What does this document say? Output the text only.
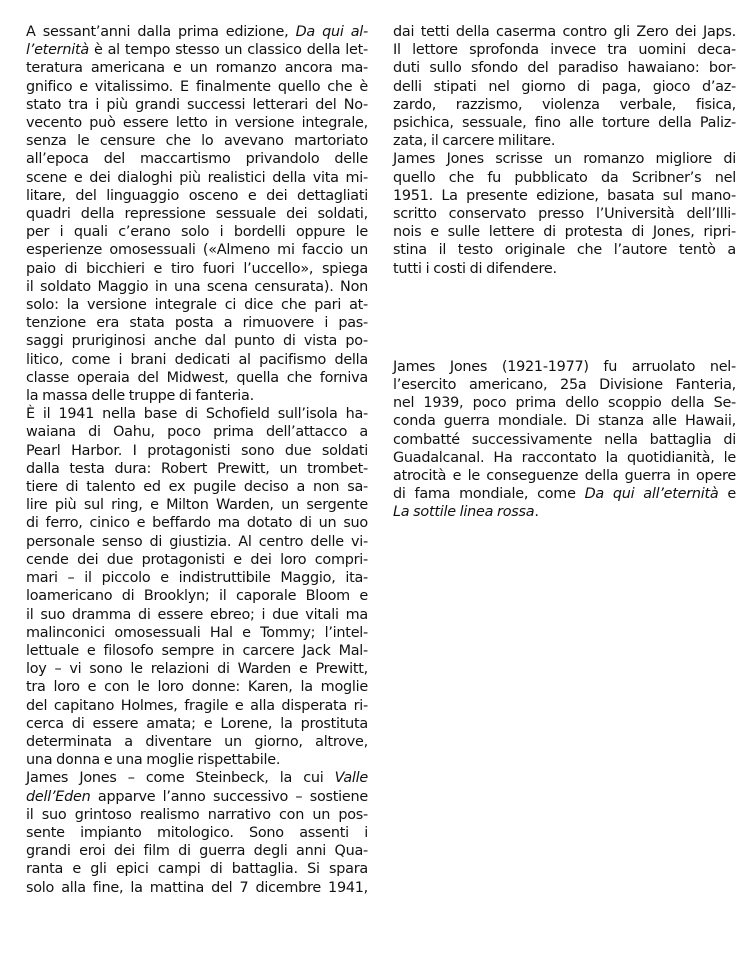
A sessant’anni dalla prima edizione, Da qui al-
l’eternità è al tempo stesso un classico della let-
teratura americana e un romanzo ancora ma-
gnifico e vitalissimo. E finalmente quello che è
stato tra i più grandi successi letterari del No-
vecento può essere letto in versione integrale,
senza le censure che lo avevano martoriato
all’epoca del maccartismo privandolo delle
scene e dei dialoghi più realistici della vita mi-
litare, del linguaggio osceno e dei dettagliati
quadri della repressione sessuale dei soldati,
per i quali c’erano solo i bordelli oppure le
esperienze omosessuali («Almeno mi faccio un
paio di bicchieri e tiro fuori l’uccello», spiega
il soldato Maggio in una scena censurata). Non
solo: la versione integrale ci dice che pari at-
tenzione era stata posta a rimuovere i pas-
saggi pruriginosi anche dal punto di vista po-
litico, come i brani dedicati al pacifismo della
classe operaia del Midwest, quella che forniva
la massa delle truppe di fanteria.
È il 1941 nella base di Schofield sull’isola ha-
waiana di Oahu, poco prima dell’attacco a
Pearl Harbor. I protagonisti sono due soldati
dalla testa dura: Robert Prewitt, un trombet-
tiere di talento ed ex pugile deciso a non sa-
lire più sul ring, e Milton Warden, un sergente
di ferro, cinico e beffardo ma dotato di un suo
personale senso di giustizia. Al centro delle vi-
cende dei due protagonisti e dei loro compri-
mari – il piccolo e indistruttibile Maggio, ita-
loamericano di Brooklyn; il caporale Bloom e
il suo dramma di essere ebreo; i due vitali ma
malinconici omosessuali Hal e Tommy; l’intel-
lettuale e filosofo sempre in carcere Jack Mal-
loy – vi sono le relazioni di Warden e Prewitt,
tra loro e con le loro donne: Karen, la moglie
del capitano Holmes, fragile e alla disperata ri-
cerca di essere amata; e Lorene, la prostituta
determinata a diventare un giorno, altrove,
una donna e una moglie rispettabile.
James Jones – come Steinbeck, la cui Valle
dell’Eden apparve l’anno successivo – sostiene
il suo grintoso realismo narrativo con un pos-
sente impianto mitologico. Sono assenti i
grandi eroi dei film di guerra degli anni Qua-
ranta e gli epici campi di battaglia. Si spara
solo alla fine, la mattina del 7 dicembre 1941,
dai tetti della caserma contro gli Zero dei Japs.
Il lettore sprofonda invece tra uomini deca-
duti sullo sfondo del paradiso hawaiano: bor-
delli stipati nel giorno di paga, gioco d’az-
zardo, razzismo, violenza verbale, fisica,
psichica, sessuale, fino alle torture della Paliz-
zata, il carcere militare.
James Jones scrisse un romanzo migliore di
quello che fu pubblicato da Scribner’s nel
1951. La presente edizione, basata sul mano-
scritto conservato presso l’Università dell’Illi-
nois e sulle lettere di protesta di Jones, ripri-
stina il testo originale che l’autore tentò a
tutti i costi di difendere.
James Jones (1921-1977) fu arruolato nel-
l’esercito americano, 25a Divisione Fanteria,
nel 1939, poco prima dello scoppio della Se-
conda guerra mondiale. Di stanza alle Hawaii,
combatté successivamente nella battaglia di
Guadalcanal. Ha raccontato la quotidianità, le
atrocità e le conseguenze della guerra in opere
di fama mondiale, come Da qui all’eternità e
La sottile linea rossa.
